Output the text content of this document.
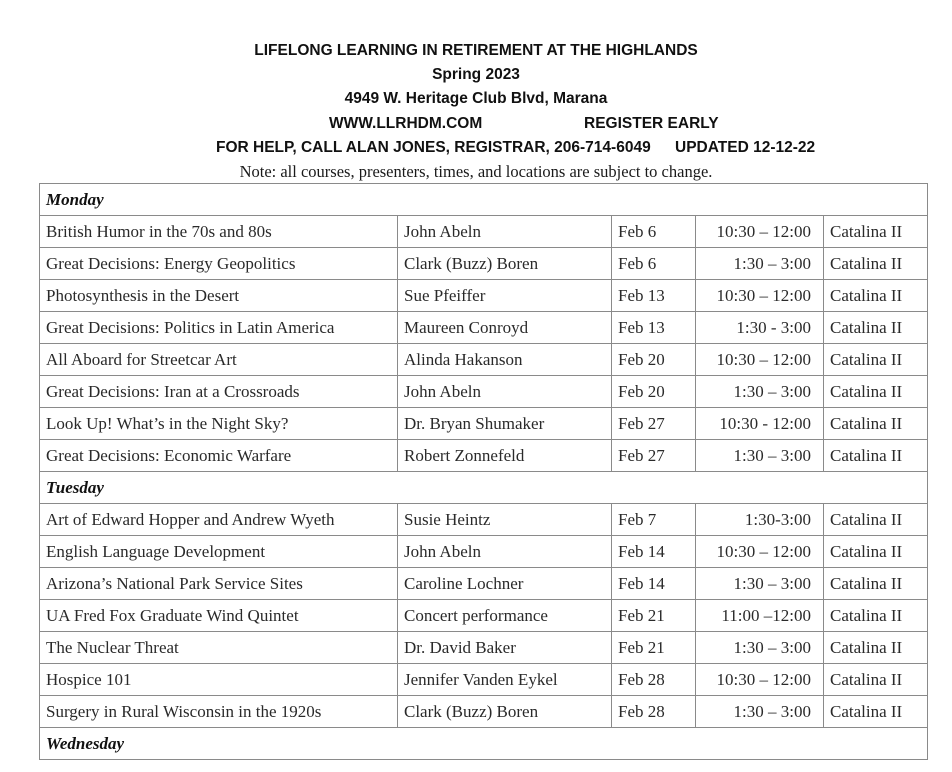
LIFELONG LEARNING IN RETIREMENT AT THE HIGHLANDS
Spring 2023
4949 W. Heritage Club Blvd, Marana
WWW.LLRHDM.COM	REGISTER EARLY
FOR HELP, CALL ALAN JONES, REGISTRAR, 206-714-6049 UPDATED 12-12-22
Note: all courses, presenters, times, and locations are subject to change.
Monday				
British Humor in the 70s and 80s	John Abeln	Feb 6	10:30 – 12:00	Catalina II
Great Decisions: Energy Geopolitics	Clark (Buzz) Boren	Feb 6	1:30 – 3:00	Catalina II
Photosynthesis in the Desert	Sue Pfeiffer	Feb 13	10:30 – 12:00	Catalina II
Great Decisions: Politics in Latin America	Maureen Conroyd	Feb 13	1:30 - 3:00	Catalina II
All Aboard for Streetcar Art	Alinda Hakanson	Feb 20	10:30 – 12:00	Catalina II
Great Decisions: Iran at a Crossroads	John Abeln	Feb 20	1:30 – 3:00	Catalina II
Look Up! What’s in the Night Sky?	Dr. Bryan Shumaker	Feb 27	10:30 - 12:00	Catalina II
Great Decisions: Economic Warfare	Robert Zonnefeld	Feb 27	1:30 – 3:00	Catalina II
Tuesday				
Art of Edward Hopper and Andrew Wyeth	Susie Heintz	Feb 7	1:30-3:00	Catalina II
English Language Development	John Abeln	Feb 14	10:30 – 12:00	Catalina II
Arizona’s National Park Service Sites	Caroline Lochner	Feb 14	1:30 – 3:00	Catalina II
UA Fred Fox Graduate Wind Quintet	Concert performance	Feb 21	11:00 –12:00	Catalina II
The Nuclear Threat	Dr. David Baker	Feb 21	1:30 – 3:00	Catalina II
Hospice 101	Jennifer Vanden Eykel	Feb 28	10:30 – 12:00	Catalina II
Surgery in Rural Wisconsin in the 1920s	Clark (Buzz) Boren	Feb 28	1:30 – 3:00	Catalina II
Wednesday				
